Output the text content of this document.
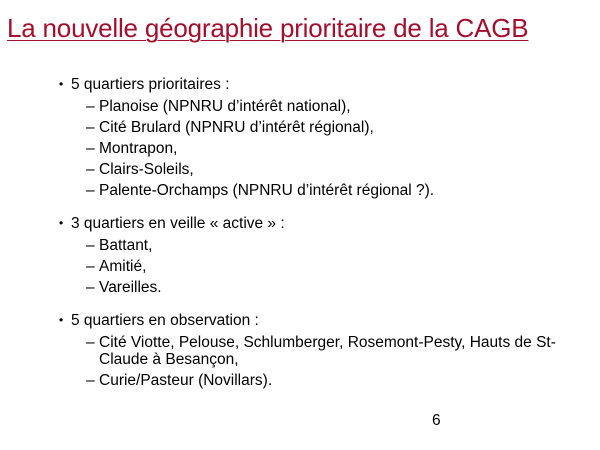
La nouvelle géographie prioritaire de la CAGB
• 5 quartiers prioritaires :
– Planoise (NPNRU d’intérêt national),
– Cité Brulard (NPNRU d’intérêt régional),
– Montrapon,
– Clairs-Soleils,
– Palente-Orchamps (NPNRU d’intérêt régional ?).
• 3 quartiers en veille « active » :
– Battant,
– Amitié,
– Vareilles.
• 5 quartiers en observation :
– Cité Viotte, Pelouse, Schlumberger, Rosemont-Pesty, Hauts de St-Claude à Besançon,
– Curie/Pasteur (Novillars).
6
